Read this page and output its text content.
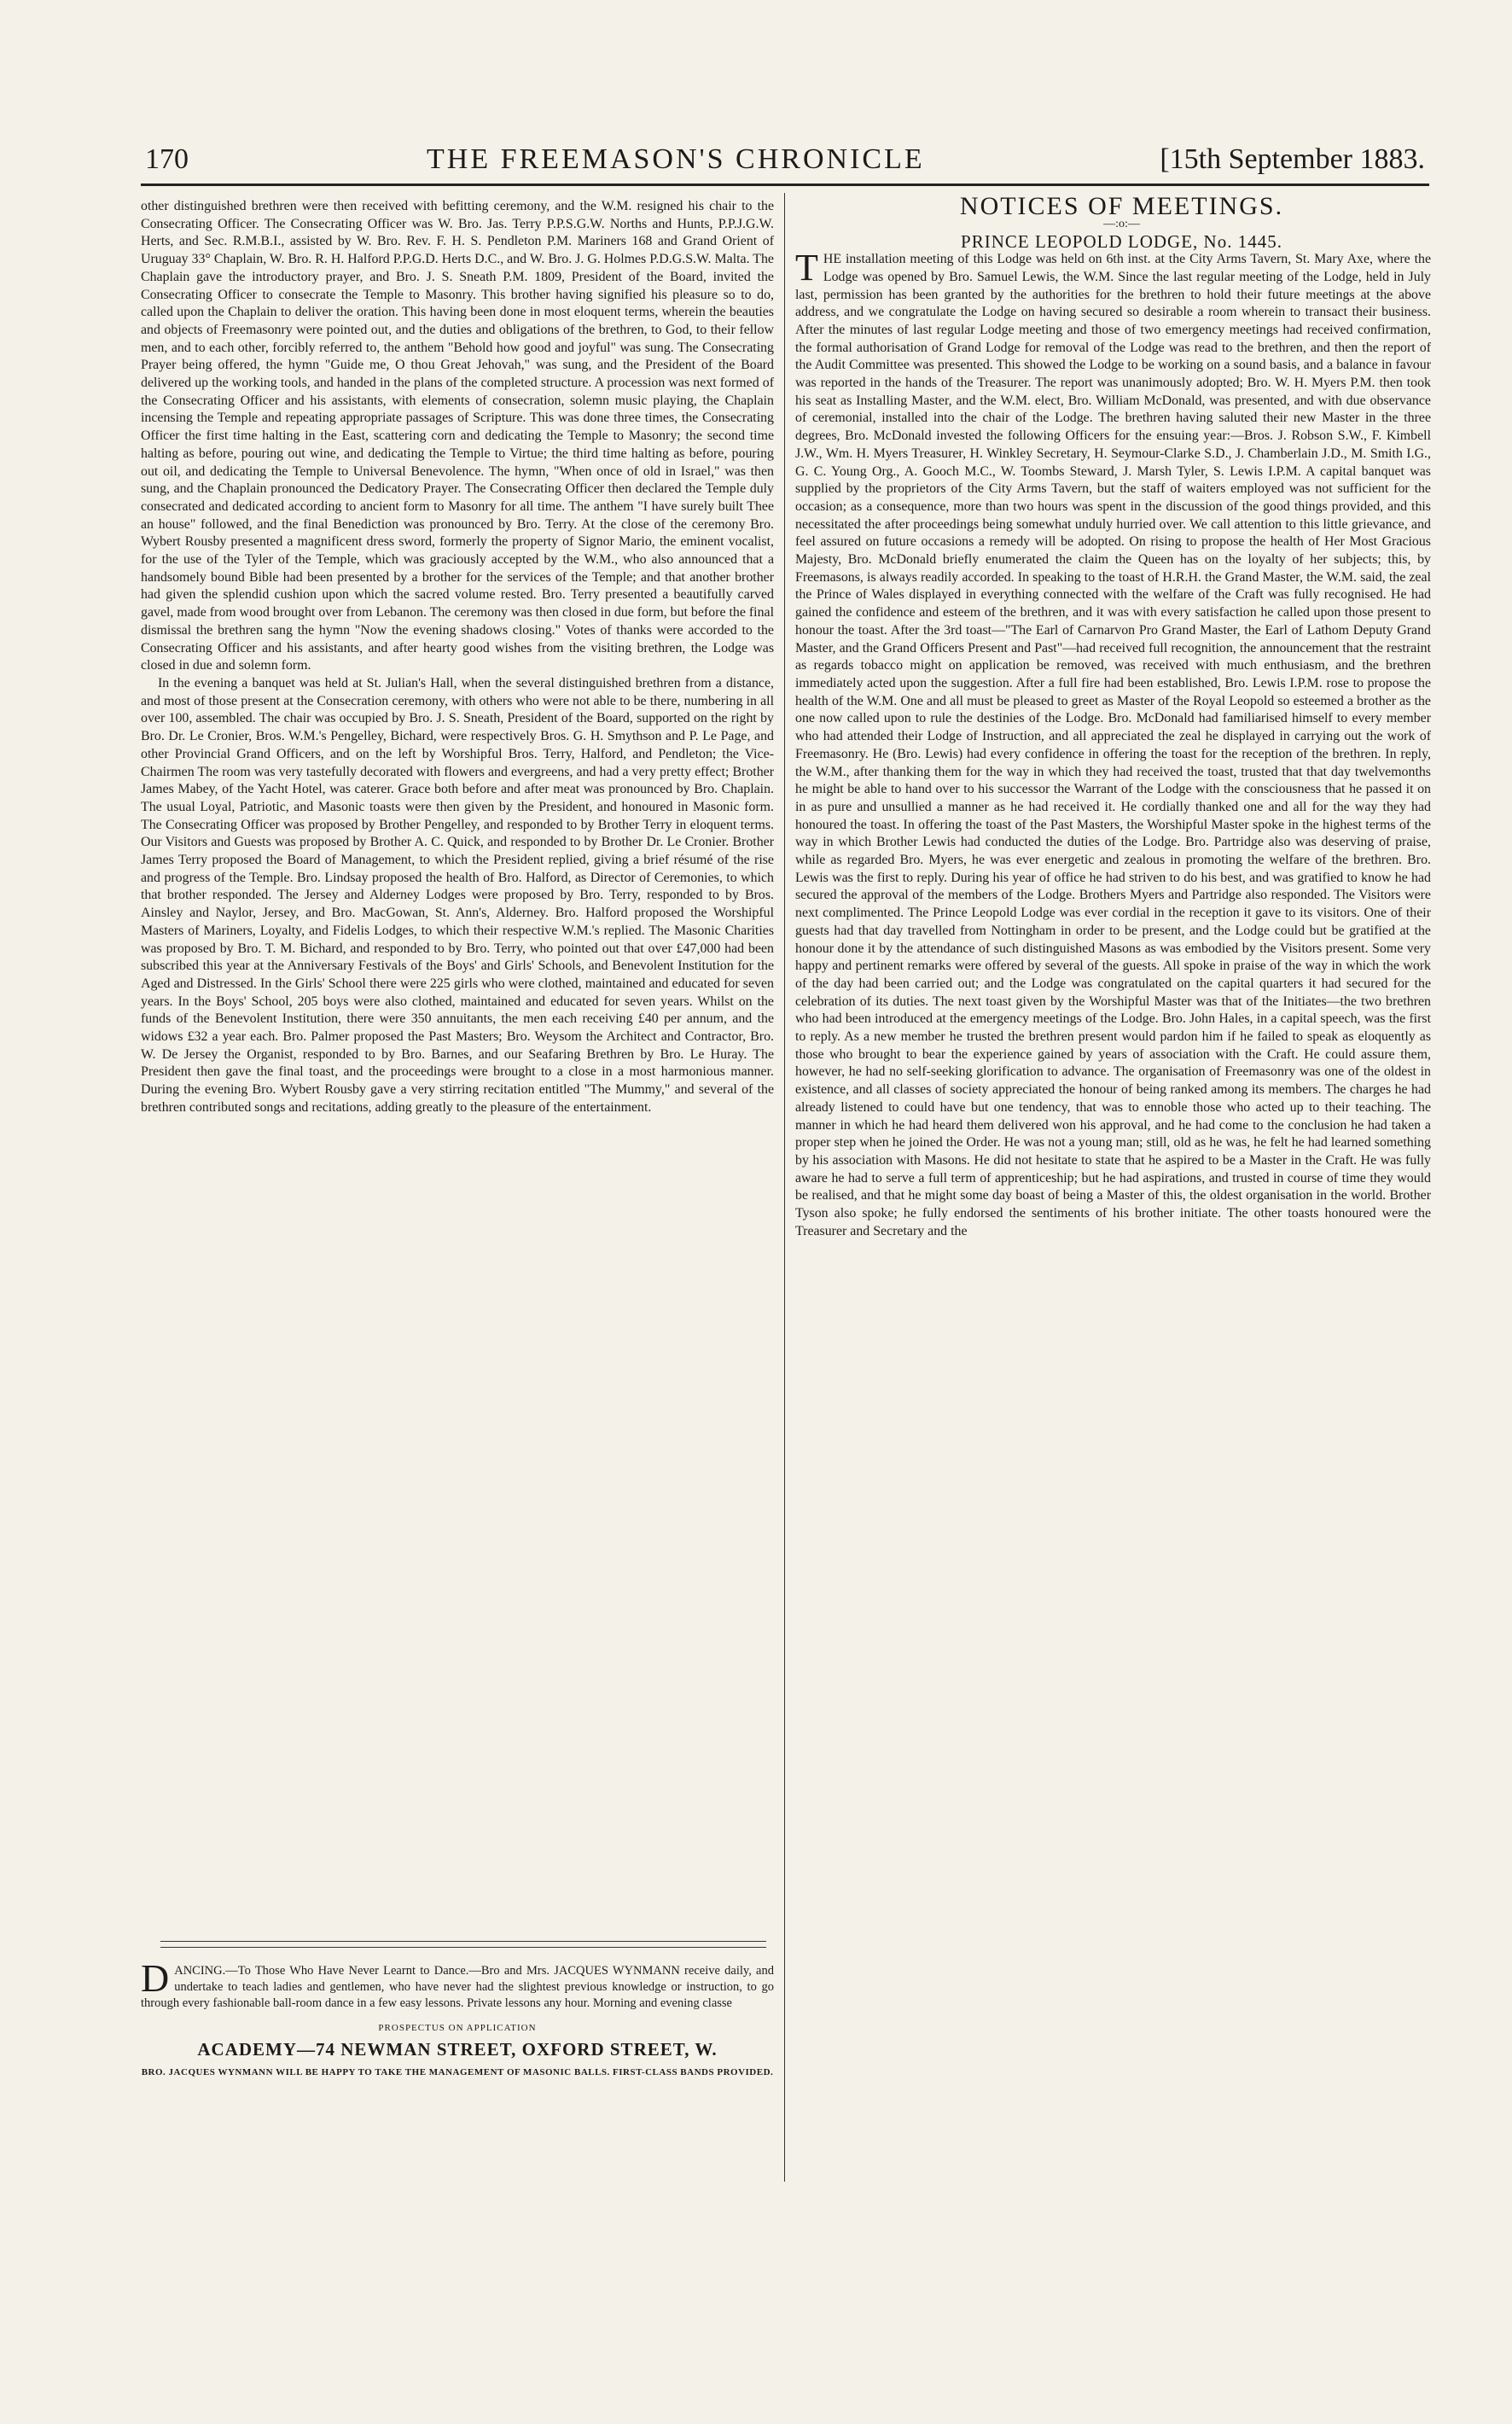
170	THE FREEMASON'S CHRONICLE	[15th September 1883.

other distinguished brethren were then received with befitting ceremony, and the W.M. resigned his chair to the Consecrating Officer. The Consecrating Officer was W. Bro. Jas. Terry P.P.S.G.W. Norths and Hunts, P.P.J.G.W. Herts, and Sec. R.M.B.I., assisted by W. Bro. Rev. F. H. S. Pendleton P.M. Mariners 168 and Grand Orient of Uruguay 33° Chaplain, W. Bro. R. H. Halford P.P.G.D. Herts D.C., and W. Bro. J. G. Holmes P.D.G.S.W. Malta. The Chaplain gave the introductory prayer, and Bro. J. S. Sneath P.M. 1809, President of the Board, invited the Consecrating Officer to consecrate the Temple to Masonry. This brother having signified his pleasure so to do, called upon the Chaplain to deliver the oration. This having been done in most eloquent terms, wherein the beauties and objects of Freemasonry were pointed out, and the duties and obligations of the brethren, to God, to their fellow men, and to each other, forcibly referred to, the anthem "Behold how good and joyful" was sung. The Consecrating Prayer being offered, the hymn "Guide me, O thou Great Jehovah," was sung, and the President of the Board delivered up the working tools, and handed in the plans of the completed structure. A procession was next formed of the Consecrating Officer and his assistants, with elements of consecration, solemn music playing, the Chaplain incensing the Temple and repeating appropriate passages of Scripture. This was done three times, the Consecrating Officer the first time halting in the East, scattering corn and dedicating the Temple to Masonry; the second time halting as before, pouring out wine, and dedicating the Temple to Virtue; the third time halting as before, pouring out oil, and dedicating the Temple to Universal Benevolence. The hymn, "When once of old in Israel," was then sung, and the Chaplain pronounced the Dedicatory Prayer. The Consecrating Officer then declared the Temple duly consecrated and dedicated according to ancient form to Masonry for all time. The anthem "I have surely built Thee an house" followed, and the final Benediction was pronounced by Bro. Terry. At the close of the ceremony Bro. Wybert Rousby presented a magnificent dress sword, formerly the property of Signor Mario, the eminent vocalist, for the use of the Tyler of the Temple, which was graciously accepted by the W.M., who also announced that a handsomely bound Bible had been presented by a brother for the services of the Temple; and that another brother had given the splendid cushion upon which the sacred volume rested. Bro. Terry presented a beautifully carved gavel, made from wood brought over from Lebanon. The ceremony was then closed in due form, but before the final dismissal the brethren sang the hymn "Now the evening shadows closing." Votes of thanks were accorded to the Consecrating Officer and his assistants, and after hearty good wishes from the visiting brethren, the Lodge was closed in due and solemn form.

In the evening a banquet was held at St. Julian's Hall, when the several distinguished brethren from a distance, and most of those present at the Consecration ceremony, with others who were not able to be there, numbering in all over 100, assembled. The chair was occupied by Bro. J. S. Sneath, President of the Board, supported on the right by Bro. Dr. Le Cronier, Bros. W.M.'s Pengelley, Bichard, were respectively Bros. G. H. Smythson and P. Le Page, and other Provincial Grand Officers, and on the left by Worshipful Bros. Terry, Halford, and Pendleton; the Vice-Chairmen The room was very tastefully decorated with flowers and evergreens, and had a very pretty effect; Brother James Mabey, of the Yacht Hotel, was caterer. Grace both before and after meat was pronounced by Bro. Chaplain. The usual Loyal, Patriotic, and Masonic toasts were then given by the President, and honoured in Masonic form. The Consecrating Officer was proposed by Brother Pengelley, and responded to by Brother Terry in eloquent terms. Our Visitors and Guests was proposed by Brother A. C. Quick, and responded to by Brother Dr. Le Cronier. Brother James Terry proposed the Board of Management, to which the President replied, giving a brief résumé of the rise and progress of the Temple. Bro. Lindsay proposed the health of Bro. Halford, as Director of Ceremonies, to which that brother responded. The Jersey and Alderney Lodges were proposed by Bro. Terry, responded to by Bros. Ainsley and Naylor, Jersey, and Bro. MacGowan, St. Ann's, Alderney. Bro. Halford proposed the Worshipful Masters of Mariners, Loyalty, and Fidelis Lodges, to which their respective W.M.'s replied. The Masonic Charities was proposed by Bro. T. M. Bichard, and responded to by Bro. Terry, who pointed out that over £47,000 had been subscribed this year at the Anniversary Festivals of the Boys' and Girls' Schools, and Benevolent Institution for the Aged and Distressed. In the Girls' School there were 225 girls who were clothed, maintained and educated for seven years. In the Boys' School, 205 boys were also clothed, maintained and educated for seven years. Whilst on the funds of the Benevolent Institution, there were 350 annuitants, the men each receiving £40 per annum, and the widows £32 a year each. Bro. Palmer proposed the Past Masters; Bro. Weysom the Architect and Contractor, Bro. W. De Jersey the Organist, responded to by Bro. Barnes, and our Seafaring Brethren by Bro. Le Huray. The President then gave the final toast, and the proceedings were brought to a close in a most harmonious manner. During the evening Bro. Wybert Rousby gave a very stirring recitation entitled "The Mummy," and several of the brethren contributed songs and recitations, adding greatly to the pleasure of the entertainment.

D ANCING.—To Those Who Have Never Learnt to Dance.—Bro and Mrs. JACQUES WYNMANN receive daily, and undertake to teach ladies and gentlemen, who have never had the slightest previous knowledge or instruction, to go through every fashionable ball-room dance in a few easy lessons. Private lessons any hour. Morning and evening classe
PROSPECTUS ON APPLICATION
ACADEMY—74 NEWMAN STREET, OXFORD STREET, W.
BRO. JACQUES WYNMANN WILL BE HAPPY TO TAKE THE MANAGEMENT OF MASONIC BALLS. FIRST-CLASS BANDS PROVIDED.

NOTICES OF MEETINGS.

—:o:—

PRINCE LEOPOLD LODGE, No. 1445.

THE installation meeting of this Lodge was held on 6th inst. at the City Arms Tavern, St. Mary Axe, where the Lodge was opened by Bro. Samuel Lewis, the W.M. Since the last regular meeting of the Lodge, held in July last, permission has been granted by the authorities for the brethren to hold their future meetings at the above address, and we congratulate the Lodge on having secured so desirable a room wherein to transact their business. After the minutes of last regular Lodge meeting and those of two emergency meetings had received confirmation, the formal authorisation of Grand Lodge for removal of the Lodge was read to the brethren, and then the report of the Audit Committee was presented. This showed the Lodge to be working on a sound basis, and a balance in favour was reported in the hands of the Treasurer. The report was unanimously adopted; Bro. W. H. Myers P.M. then took his seat as Installing Master, and the W.M. elect, Bro. William McDonald, was presented, and with due observance of ceremonial, installed into the chair of the Lodge. The brethren having saluted their new Master in the three degrees, Bro. McDonald invested the following Officers for the ensuing year:—Bros. J. Robson S.W., F. Kimbell J.W., Wm. H. Myers Treasurer, H. Winkley Secretary, H. Seymour-Clarke S.D., J. Chamberlain J.D., M. Smith I.G., G. C. Young Org., A. Gooch M.C., W. Toombs Steward, J. Marsh Tyler, S. Lewis I.P.M. A capital banquet was supplied by the proprietors of the City Arms Tavern, but the staff of waiters employed was not sufficient for the occasion; as a consequence, more than two hours was spent in the discussion of the good things provided, and this necessitated the after proceedings being somewhat unduly hurried over. We call attention to this little grievance, and feel assured on future occasions a remedy will be adopted. On rising to propose the health of Her Most Gracious Majesty, Bro. McDonald briefly enumerated the claim the Queen has on the loyalty of her subjects; this, by Freemasons, is always readily accorded. In speaking to the toast of H.R.H. the Grand Master, the W.M. said, the zeal the Prince of Wales displayed in everything connected with the welfare of the Craft was fully recognised. He had gained the confidence and esteem of the brethren, and it was with every satisfaction he called upon those present to honour the toast. After the 3rd toast—"The Earl of Carnarvon Pro Grand Master, the Earl of Lathom Deputy Grand Master, and the Grand Officers Present and Past"—had received full recognition, the announcement that the restraint as regards tobacco might on application be removed, was received with much enthusiasm, and the brethren immediately acted upon the suggestion. After a full fire had been established, Bro. Lewis I.P.M. rose to propose the health of the W.M. One and all must be pleased to greet as Master of the Royal Leopold so esteemed a brother as the one now called upon to rule the destinies of the Lodge. Bro. McDonald had familiarised himself to every member who had attended their Lodge of Instruction, and all appreciated the zeal he displayed in carrying out the work of Freemasonry. He (Bro. Lewis) had every confidence in offering the toast for the reception of the brethren. In reply, the W.M., after thanking them for the way in which they had received the toast, trusted that that day twelvemonths he might be able to hand over to his successor the Warrant of the Lodge with the consciousness that he passed it on in as pure and unsullied a manner as he had received it. He cordially thanked one and all for the way they had honoured the toast. In offering the toast of the Past Masters, the Worshipful Master spoke in the highest terms of the way in which Brother Lewis had conducted the duties of the Lodge. Bro. Partridge also was deserving of praise, while as regarded Bro. Myers, he was ever energetic and zealous in promoting the welfare of the brethren. Bro. Lewis was the first to reply. During his year of office he had striven to do his best, and was gratified to know he had secured the approval of the members of the Lodge. Brothers Myers and Partridge also responded. The Visitors were next complimented. The Prince Leopold Lodge was ever cordial in the reception it gave to its visitors. One of their guests had that day travelled from Nottingham in order to be present, and the Lodge could but be gratified at the honour done it by the attendance of such distinguished Masons as was embodied by the Visitors present. Some very happy and pertinent remarks were offered by several of the guests. All spoke in praise of the way in which the work of the day had been carried out; and the Lodge was congratulated on the capital quarters it had secured for the celebration of its duties. The next toast given by the Worshipful Master was that of the Initiates—the two brethren who had been introduced at the emergency meetings of the Lodge. Bro. John Hales, in a capital speech, was the first to reply. As a new member he trusted the brethren present would pardon him if he failed to speak as eloquently as those who brought to bear the experience gained by years of association with the Craft. He could assure them, however, he had no self-seeking glorification to advance. The organisation of Freemasonry was one of the oldest in existence, and all classes of society appreciated the honour of being ranked among its members. The charges he had already listened to could have but one tendency, that was to ennoble those who acted up to their teaching. The manner in which he had heard them delivered won his approval, and he had come to the conclusion he had taken a proper step when he joined the Order. He was not a young man; still, old as he was, he felt he had learned something by his association with Masons. He did not hesitate to state that he aspired to be a Master in the Craft. He was fully aware he had to serve a full term of apprenticeship; but he had aspirations, and trusted in course of time they would be realised, and that he might some day boast of being a Master of this, the oldest organisation in the world. Brother Tyson also spoke; he fully endorsed the sentiments of his brother initiate. The other toasts honoured were the Treasurer and Secretary and the
